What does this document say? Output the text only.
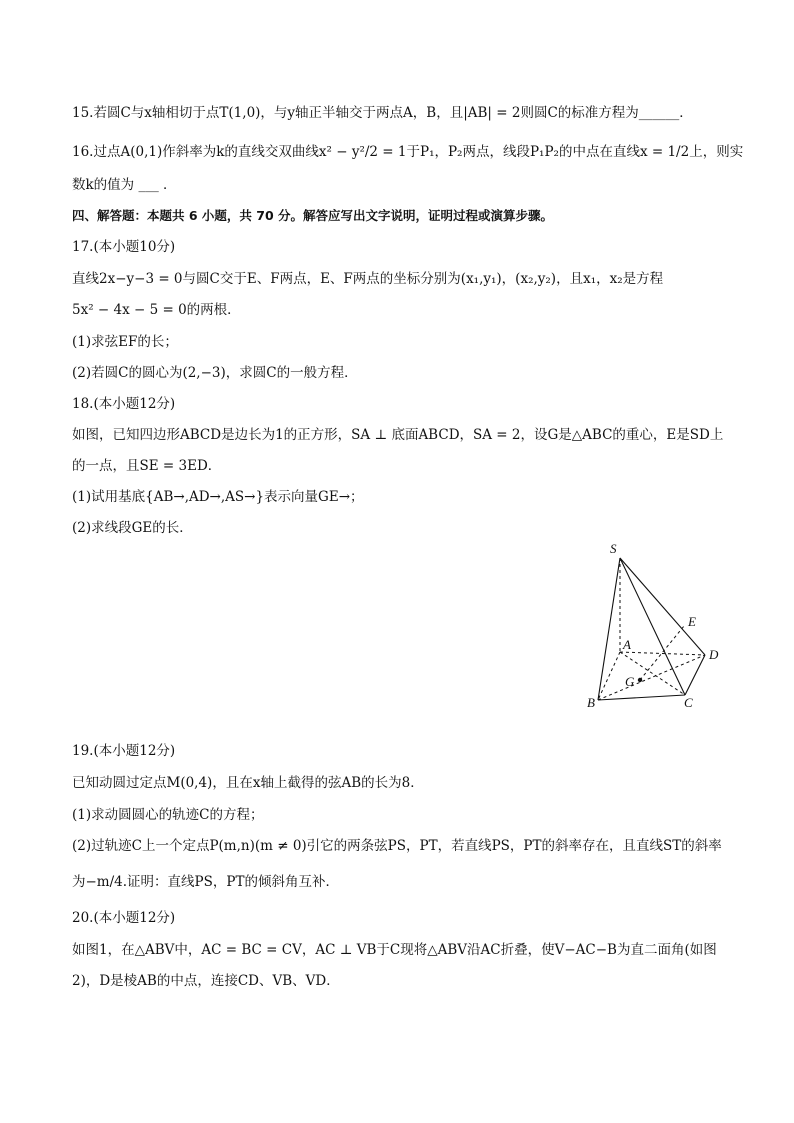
15.若圆C与x轴相切于点T(1,0)，与y轴正半轴交于两点A，B，且|AB| = 2则圆C的标准方程为______．
16.过点A(0,1)作斜率为k的直线交双曲线x² − y²/2 = 1于P₁，P₂两点，线段P₁P₂的中点在直线x = 1/2上，则实
数k的值为 ___ ．
四、解答题：本题共 6 小题，共 70 分。解答应写出文字说明，证明过程或演算步骤。
17.(本小题10分)
直线2x−y−3 = 0与圆C交于E、F两点，E、F两点的坐标分别为(x₁,y₁)，(x₂,y₂)，且x₁，x₂是方程
5x² − 4x − 5 = 0的两根．
(1)求弦EF的长；
(2)若圆C的圆心为(2,−3)，求圆C的一般方程．
18.(本小题12分)
如图，已知四边形ABCD是边长为1的正方形，SA ⊥ 底面ABCD，SA = 2，设G是△ABC的重心，E是SD上
的一点，且SE = 3ED．
(1)试用基底{AB→,AD→,AS→}表示向量GE→；
(2)求线段GE的长．
S
E
A
D
G
B	C
19.(本小题12分)
已知动圆过定点M(0,4)，且在x轴上截得的弦AB的长为8．
(1)求动圆圆心的轨迹C的方程；
(2)过轨迹C上一个定点P(m,n)(m ≠ 0)引它的两条弦PS，PT，若直线PS，PT的斜率存在，且直线ST的斜率
为−m/4.证明：直线PS，PT的倾斜角互补．
20.(本小题12分)
如图1，在△ABV中，AC = BC = CV，AC ⊥ VB于C现将△ABV沿AC折叠，使V−AC−B为直二面角(如图
2)，D是棱AB的中点，连接CD、VB、VD．
